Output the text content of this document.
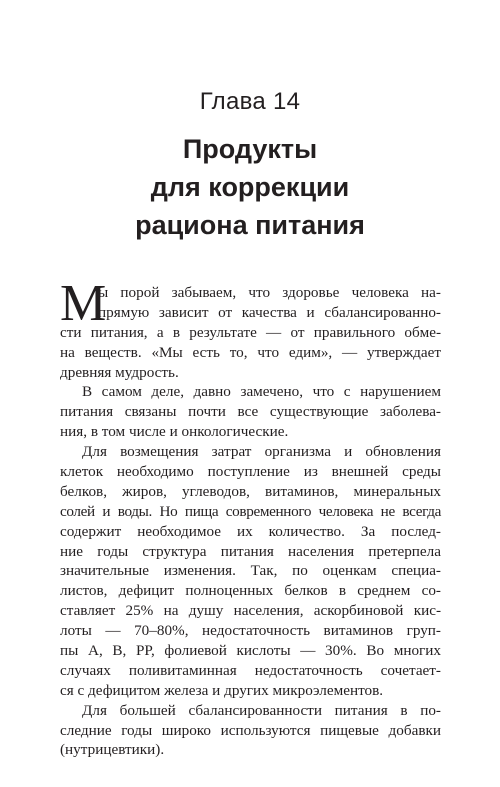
Глава 14
Продукты
для коррекции
рациона питания
М
ы порой забываем, что здоровье человека на-
прямую зависит от качества и сбалансированно-
сти питания, а в результате — от правильного обме-
на веществ. «Мы есть то, что едим», — утверждает
древняя мудрость.
В самом деле, давно замечено, что с нарушением
питания связаны почти все существующие заболева-
ния, в том числе и онкологические.
Для возмещения затрат организма и обновления
клеток необходимо поступление из внешней среды
белков, жиров, углеводов, витаминов, минеральных
солей и воды. Но пища современного человека не всегда
содержит необходимое их количество. За послед-
ние годы структура питания населения претерпела
значительные изменения. Так, по оценкам специа-
листов, дефицит полноценных белков в среднем со-
ставляет 25% на душу населения, аскорбиновой кис-
лоты — 70–80%, недостаточность витаминов груп-
пы А, В, РР, фолиевой кислоты — 30%. Во многих
случаях поливитаминная недостаточность сочетает-
ся с дефицитом железа и других микроэлементов.
Для большей сбалансированности питания в по-
следние годы широко используются пищевые добавки
(нутрицевтики).
